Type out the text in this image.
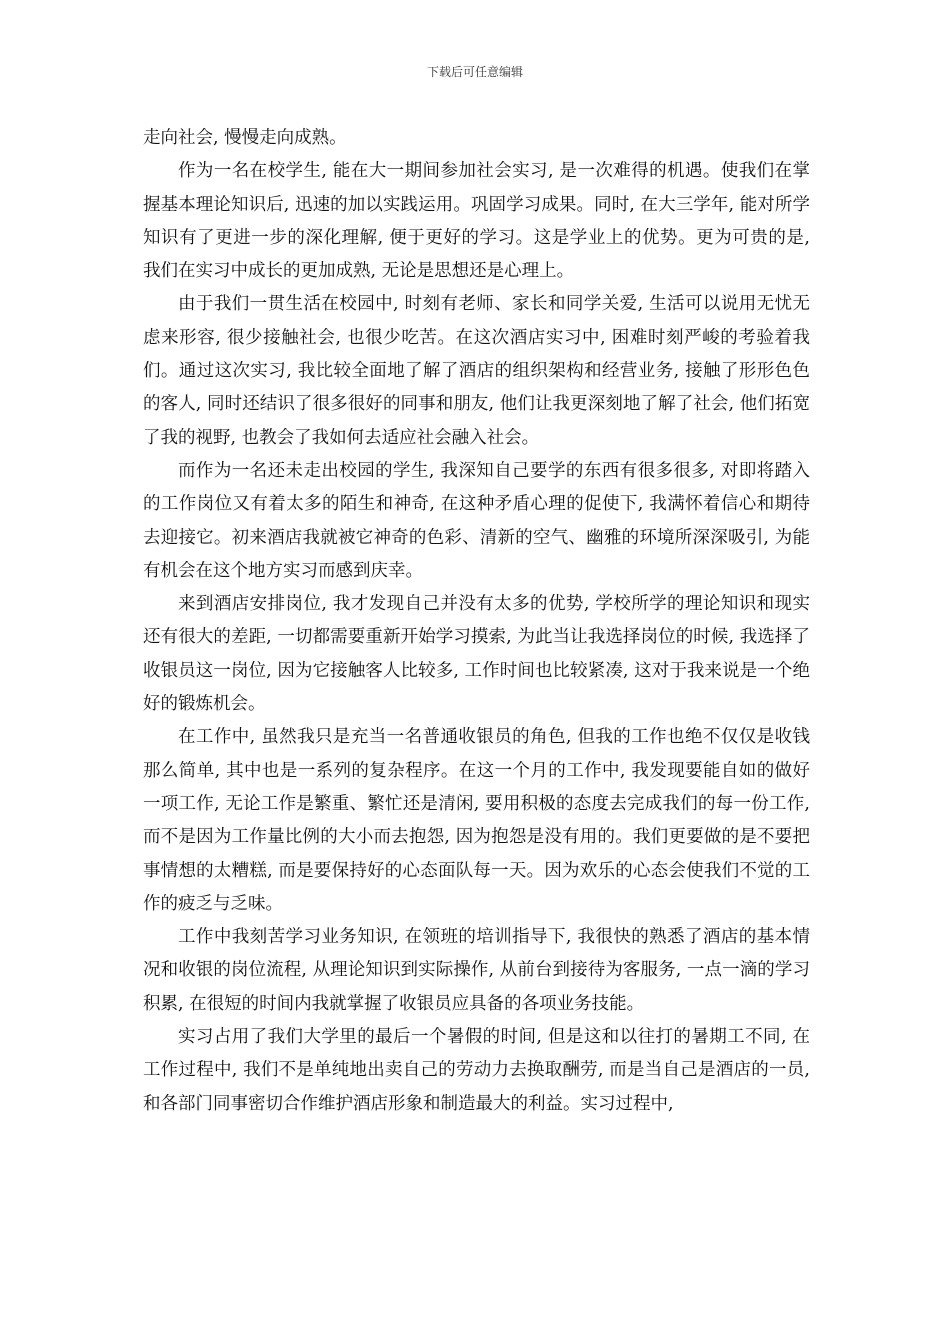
下载后可任意编辑

走向社会, 慢慢走向成熟。

作为一名在校学生, 能在大一期间参加社会实习, 是一次难得的机遇。使我们在掌握基本理论知识后, 迅速的加以实践运用。巩固学习成果。同时, 在大三学年, 能对所学知识有了更进一步的深化理解, 便于更好的学习。这是学业上的优势。更为可贵的是, 我们在实习中成长的更加成熟, 无论是思想还是心理上。

由于我们一贯生活在校园中, 时刻有老师、家长和同学关爱, 生活可以说用无忧无虑来形容, 很少接触社会, 也很少吃苦。在这次酒店实习中, 困难时刻严峻的考验着我们。通过这次实习, 我比较全面地了解了酒店的组织架构和经营业务, 接触了形形色色的客人, 同时还结识了很多很好的同事和朋友, 他们让我更深刻地了解了社会, 他们拓宽了我的视野, 也教会了我如何去适应社会融入社会。

而作为一名还未走出校园的学生, 我深知自己要学的东西有很多很多, 对即将踏入的工作岗位又有着太多的陌生和神奇, 在这种矛盾心理的促使下, 我满怀着信心和期待去迎接它。初来酒店我就被它神奇的色彩、清新的空气、幽雅的环境所深深吸引, 为能有机会在这个地方实习而感到庆幸。

来到酒店安排岗位, 我才发现自己并没有太多的优势, 学校所学的理论知识和现实还有很大的差距, 一切都需要重新开始学习摸索, 为此当让我选择岗位的时候, 我选择了收银员这一岗位, 因为它接触客人比较多, 工作时间也比较紧凑, 这对于我来说是一个绝好的锻炼机会。

在工作中, 虽然我只是充当一名普通收银员的角色, 但我的工作也绝不仅仅是收钱那么简单, 其中也是一系列的复杂程序。在这一个月的工作中, 我发现要能自如的做好一项工作, 无论工作是繁重、繁忙还是清闲, 要用积极的态度去完成我们的每一份工作, 而不是因为工作量比例的大小而去抱怨, 因为抱怨是没有用的。我们更要做的是不要把事情想的太糟糕, 而是要保持好的心态面队每一天。因为欢乐的心态会使我们不觉的工作的疲乏与乏味。

工作中我刻苦学习业务知识, 在领班的培训指导下, 我很快的熟悉了酒店的基本情况和收银的岗位流程, 从理论知识到实际操作, 从前台到接待为客服务, 一点一滴的学习积累, 在很短的时间内我就掌握了收银员应具备的各项业务技能。

实习占用了我们大学里的最后一个暑假的时间, 但是这和以往打的暑期工不同, 在工作过程中, 我们不是单纯地出卖自己的劳动力去换取酬劳, 而是当自己是酒店的一员, 和各部门同事密切合作维护酒店形象和制造最大的利益。实习过程中,
